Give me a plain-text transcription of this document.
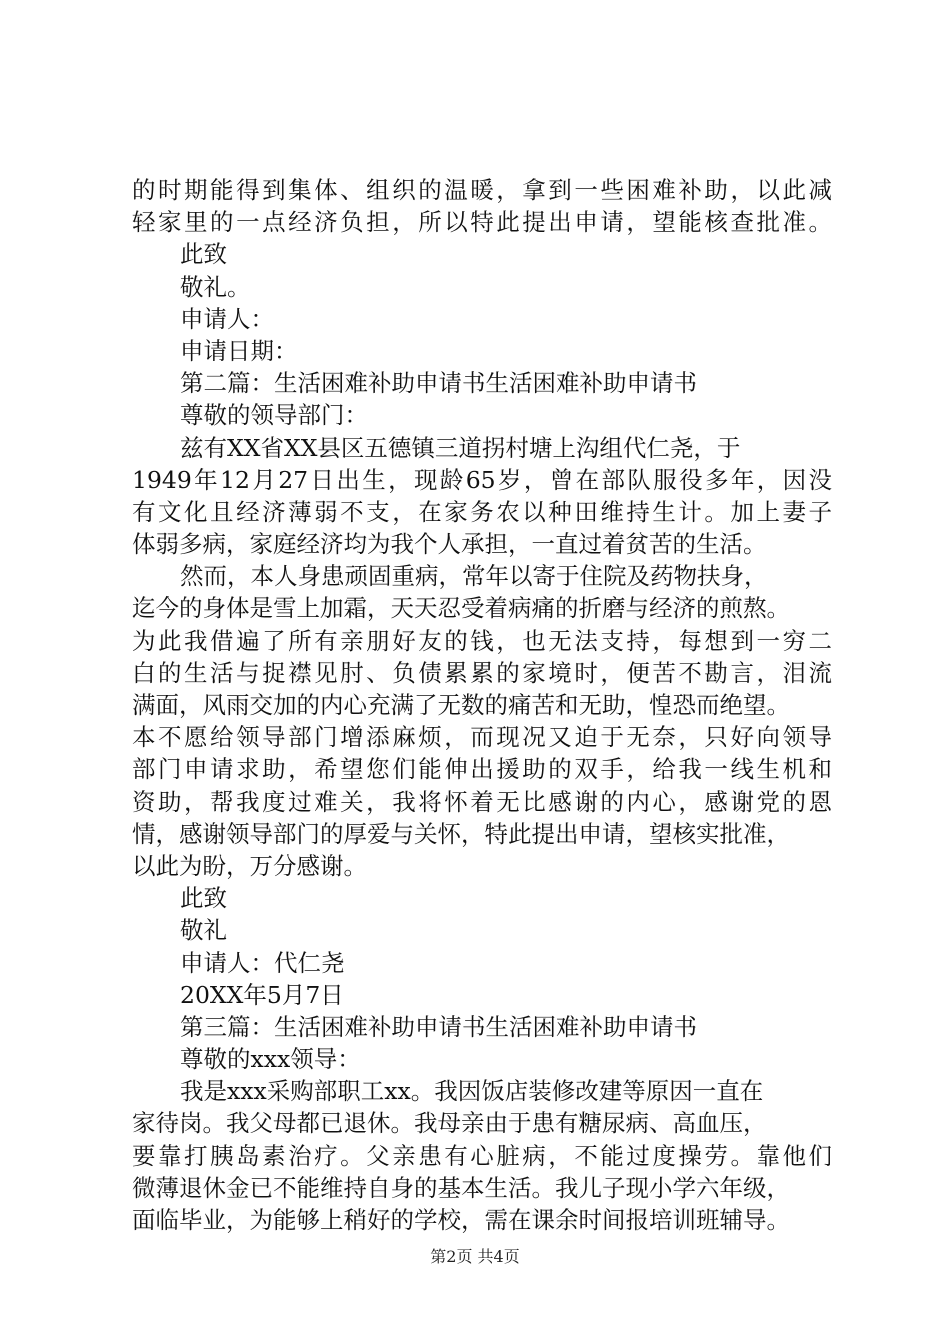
的时期能得到集体、组织的温暖，拿到一些困难补助，以此减
轻家里的一点经济负担，所以特此提出申请，望能核查批准。
此致
敬礼。
申请人：
申请日期：
第二篇：生活困难补助申请书生活困难补助申请书
尊敬的领导部门：
兹有XX省XX县区五德镇三道拐村塘上沟组代仁尧，于
1949年12月27日出生，现龄65岁，曾在部队服役多年，因没
有文化且经济薄弱不支，在家务农以种田维持生计。加上妻子
体弱多病，家庭经济均为我个人承担，一直过着贫苦的生活。
然而，本人身患顽固重病，常年以寄于住院及药物扶身，
迄今的身体是雪上加霜，天天忍受着病痛的折磨与经济的煎熬。
为此我借遍了所有亲朋好友的钱，也无法支持，每想到一穷二
白的生活与捉襟见肘、负债累累的家境时，便苦不勘言，泪流
满面，风雨交加的内心充满了无数的痛苦和无助，惶恐而绝望。
本不愿给领导部门增添麻烦，而现况又迫于无奈，只好向领导
部门申请求助，希望您们能伸出援助的双手，给我一线生机和
资助，帮我度过难关，我将怀着无比感谢的内心，感谢党的恩
情，感谢领导部门的厚爱与关怀，特此提出申请，望核实批准，
以此为盼，万分感谢。
此致
敬礼
申请人：代仁尧
20XX年5月7日
第三篇：生活困难补助申请书生活困难补助申请书
尊敬的xxx领导：
我是xxx采购部职工xx。我因饭店装修改建等原因一直在
家待岗。我父母都已退休。我母亲由于患有糖尿病、高血压，
要靠打胰岛素治疗。父亲患有心脏病，不能过度操劳。靠他们
微薄退休金已不能维持自身的基本生活。我儿子现小学六年级，
面临毕业，为能够上稍好的学校，需在课余时间报培训班辅导。
第2页 共4页
